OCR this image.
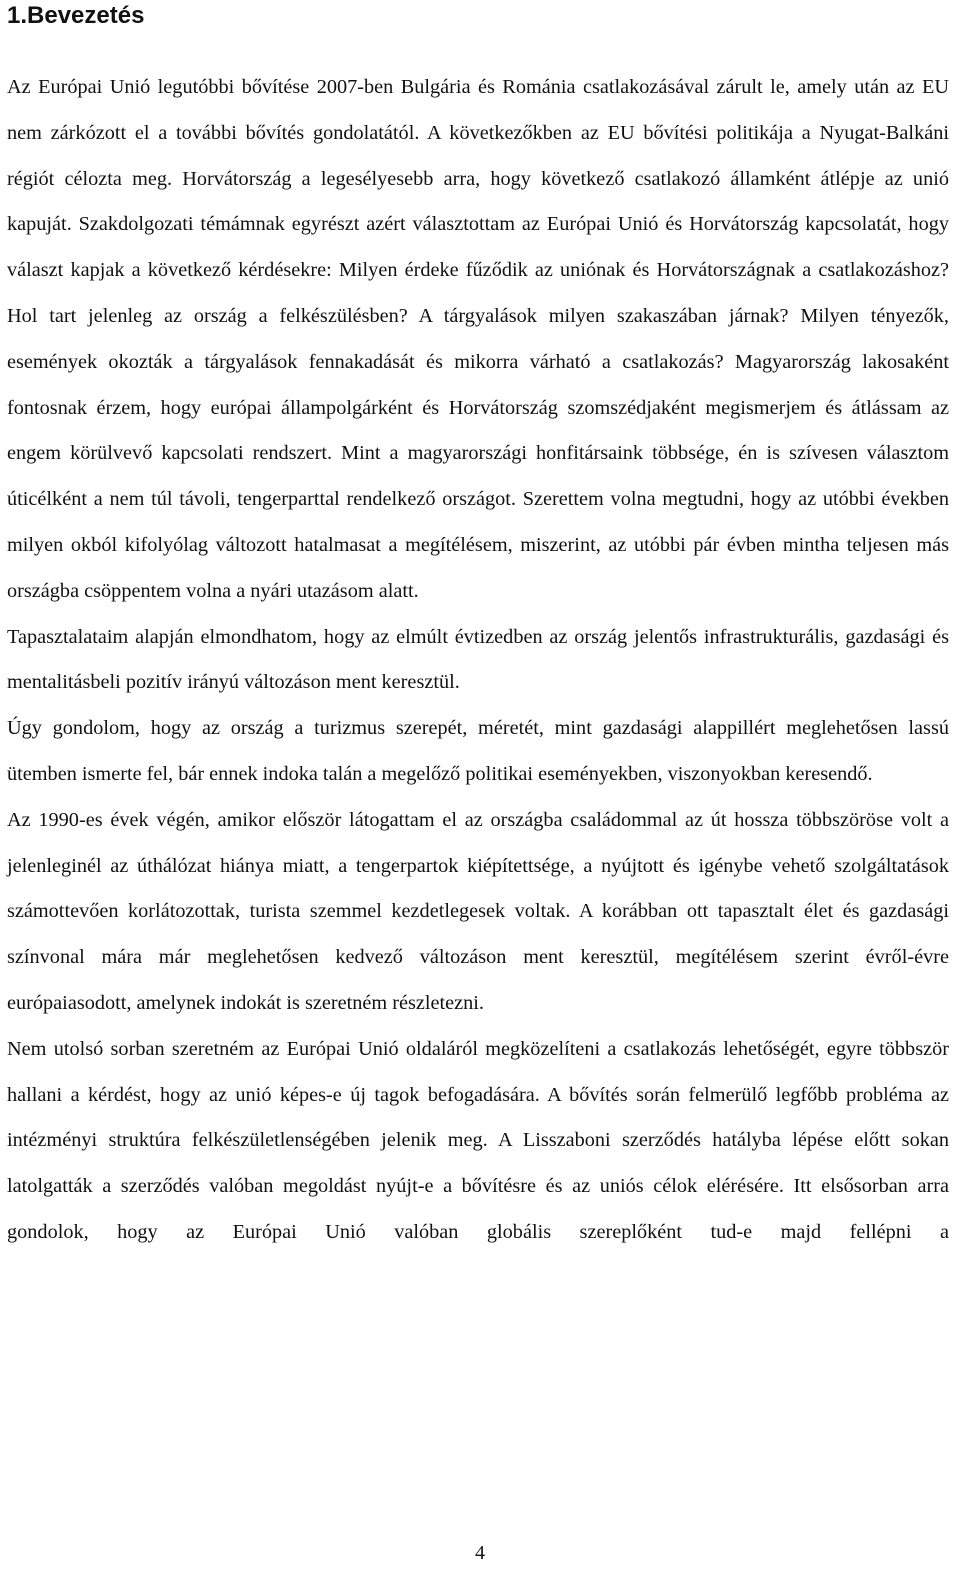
1.Bevezetés

Az Európai Unió legutóbbi bővítése 2007-ben Bulgária és Románia csatlakozásával zárult le, amely után az EU nem zárkózott el a további bővítés gondolatától. A következőkben az EU bővítési politikája a Nyugat-Balkáni régiót célozta meg. Horvátország a legesélyesebb arra, hogy következő csatlakozó államként átlépje az unió kapuját. Szakdolgozati témámnak egyrészt azért választottam az Európai Unió és Horvátország kapcsolatát, hogy választ kapjak a következő kérdésekre: Milyen érdeke fűződik az uniónak és Horvátországnak a csatlakozáshoz? Hol tart jelenleg az ország a felkészülésben? A tárgyalások milyen szakaszában járnak? Milyen tényezők, események okozták a tárgyalások fennakadását és mikorra várható a csatlakozás? Magyarország lakosaként fontosnak érzem, hogy európai állampolgárként és Horvátország szomszédjaként megismerjem és átlássam az engem körülvevő kapcsolati rendszert. Mint a magyarországi honfitársaink többsége, én is szívesen választom úticélként a nem túl távoli, tengerparttal rendelkező országot. Szerettem volna megtudni, hogy az utóbbi években milyen okból kifolyólag változott hatalmasat a megítélésem, miszerint, az utóbbi pár évben mintha teljesen más országba csöppentem volna a nyári utazásom alatt.

Tapasztalataim alapján elmondhatom, hogy az elmúlt évtizedben az ország jelentős infrastrukturális, gazdasági és mentalitásbeli pozitív irányú változáson ment keresztül.

Úgy gondolom, hogy az ország a turizmus szerepét, méretét, mint gazdasági alappillért meglehetősen lassú ütemben ismerte fel, bár ennek indoka talán a megelőző politikai eseményekben, viszonyokban keresendő.

Az 1990-es évek végén, amikor először látogattam el az országba családommal az út hossza többszöröse volt a jelenleginél az úthálózat hiánya miatt, a tengerpartok kiépítettsége, a nyújtott és igénybe vehető szolgáltatások számottevően korlátozottak, turista szemmel kezdetlegesek voltak. A korábban ott tapasztalt élet és gazdasági színvonal mára már meglehetősen kedvező változáson ment keresztül, megítélésem szerint évről-évre európaiasodott, amelynek indokát is szeretném részletezni.

Nem utolsó sorban szeretném az Európai Unió oldaláról megközelíteni a csatlakozás lehetőségét, egyre többször hallani a kérdést, hogy az unió képes-e új tagok befogadására. A bővítés során felmerülő legfőbb probléma az intézményi struktúra felkészületlenségében jelenik meg. A Lisszaboni szerződés hatályba lépése előtt sokan latolgatták a szerződés valóban megoldást nyújt-e a bővítésre és az uniós célok elérésére. Itt elsősorban arra gondolok, hogy az Európai Unió valóban globális szereplőként tud-e majd fellépni a

4
